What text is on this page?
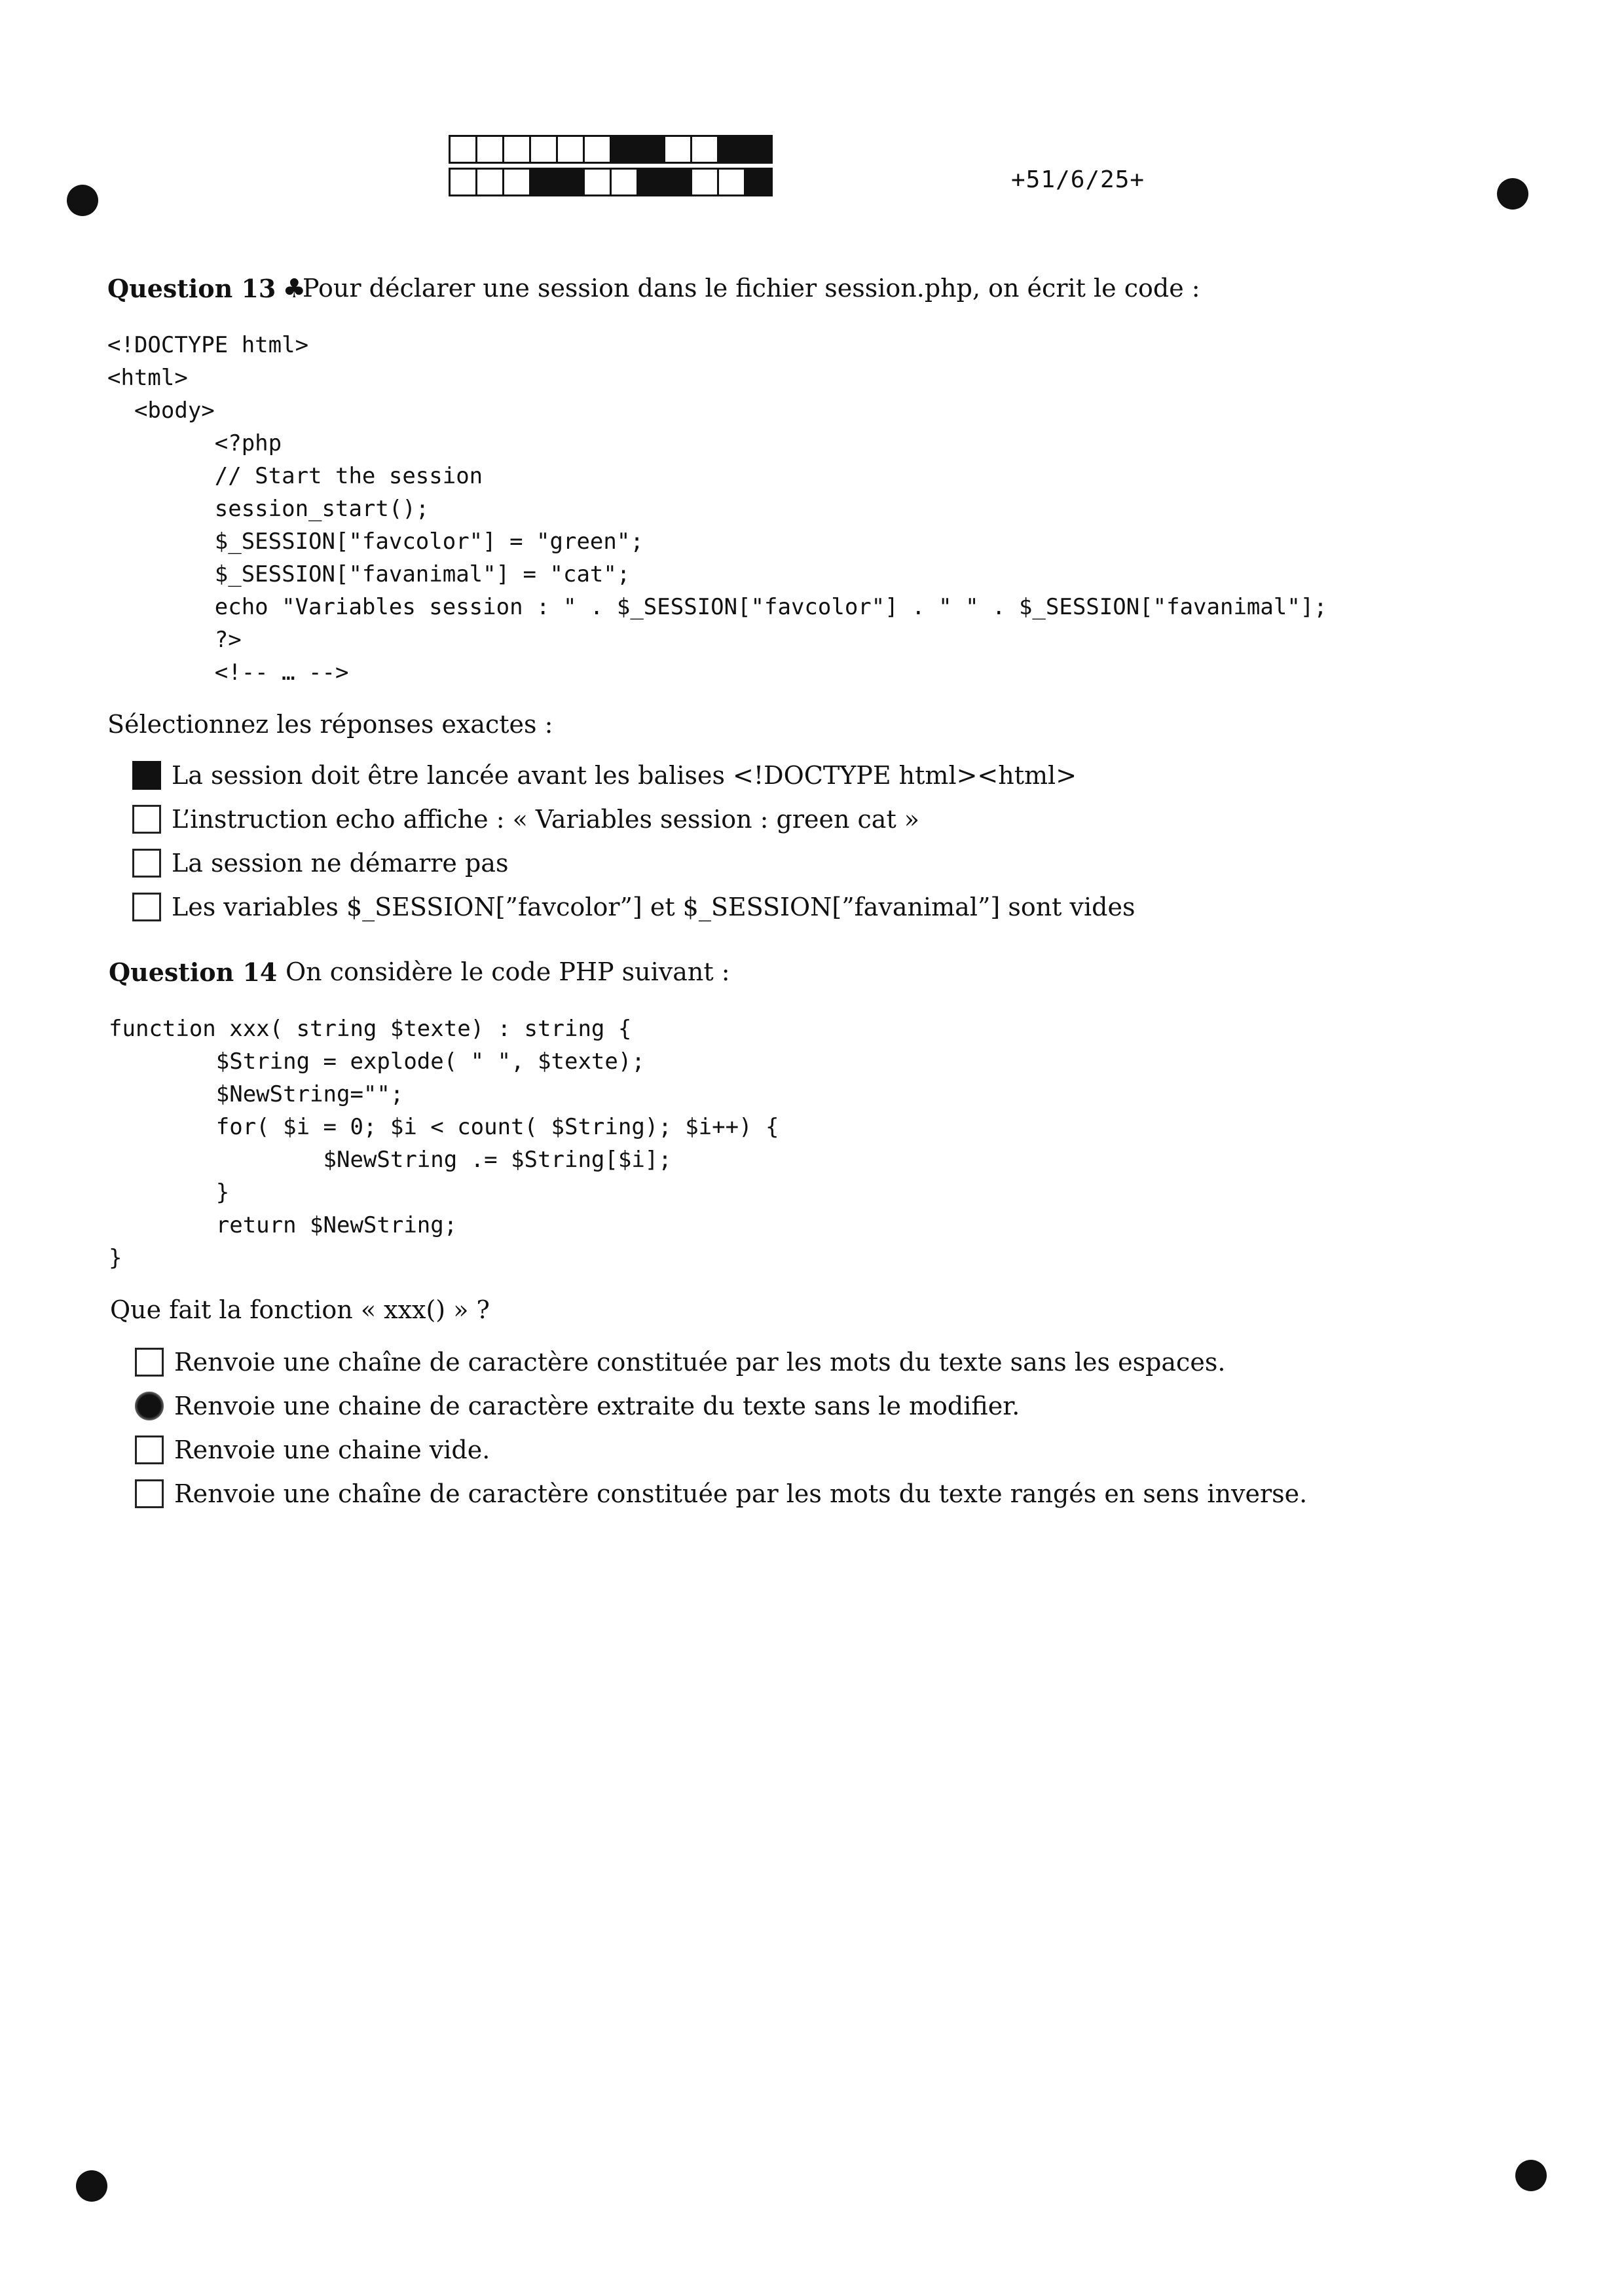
+51/6/25+
Question 13 ♣
Pour déclarer une session dans le fichier session.php, on écrit le code :
<!DOCTYPE html>
<html>
<body>
<?php
// Start the session
session_start();
$_SESSION["favcolor"] = "green";
$_SESSION["favanimal"] = "cat";
echo "Variables session : " . $_SESSION["favcolor"] . " " . $_SESSION["favanimal"];
?>
<!-- … -->
Sélectionnez les réponses exactes :
La session doit être lancée avant les balises <!DOCTYPE html><html>
L’instruction echo affiche : « Variables session : green cat »
La session ne démarre pas
Les variables $_SESSION[”favcolor”] et $_SESSION[”favanimal”] sont vides
Question 14 On considère le code PHP suivant :
function xxx( string $texte) : string {
$String = explode( " ", $texte);
$NewString="";
for( $i = 0; $i < count( $String); $i++) {
$NewString .= $String[$i];
}
return $NewString;
}
Que fait la fonction « xxx() » ?
Renvoie une chaîne de caractère constituée par les mots du texte sans les espaces.
Renvoie une chaine de caractère extraite du texte sans le modifier.
Renvoie une chaine vide.
Renvoie une chaîne de caractère constituée par les mots du texte rangés en sens inverse.
